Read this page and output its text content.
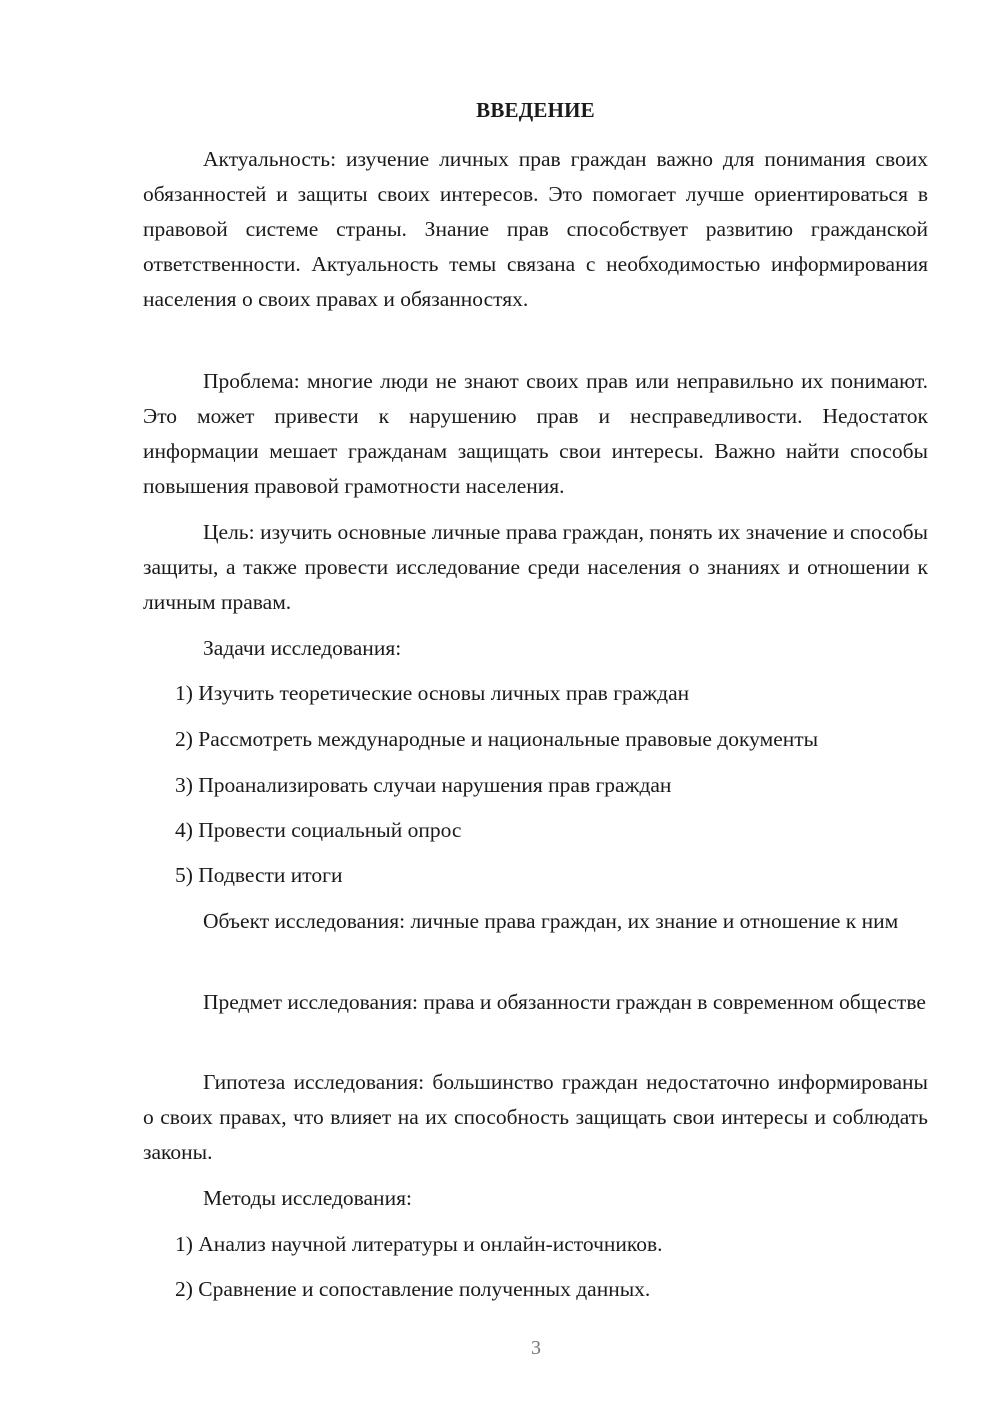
ВВЕДЕНИЕ

Актуальность: изучение личных прав граждан важно для понимания своих обязанностей и защиты своих интересов. Это помогает лучше ориентироваться в правовой системе страны. Знание прав способствует развитию гражданской ответственности. Актуальность темы связана с необходимостью информирования населения о своих правах и обязанностях.

Проблема: многие люди не знают своих прав или неправильно их понимают. Это может привести к нарушению прав и несправедливости. Недостаток информации мешает гражданам защищать свои интересы. Важно найти способы повышения правовой грамотности населения.

Цель: изучить основные личные права граждан, понять их значение и способы защиты, а также провести исследование среди населения о знаниях и отношении к личным правам.

Задачи исследования:

1) Изучить теоретические основы личных прав граждан

2) Рассмотреть международные и национальные правовые документы

3) Проанализировать случаи нарушения прав граждан

4) Провести социальный опрос

5) Подвести итоги

Объект исследования: личные права граждан, их знание и отношение к ним

Предмет исследования: права и обязанности граждан в современном обществе

Гипотеза исследования: большинство граждан недостаточно информированы о своих правах, что влияет на их способность защищать свои интересы и соблюдать законы.

Методы исследования:

1) Анализ научной литературы и онлайн-источников.

2) Сравнение и сопоставление полученных данных.

3
